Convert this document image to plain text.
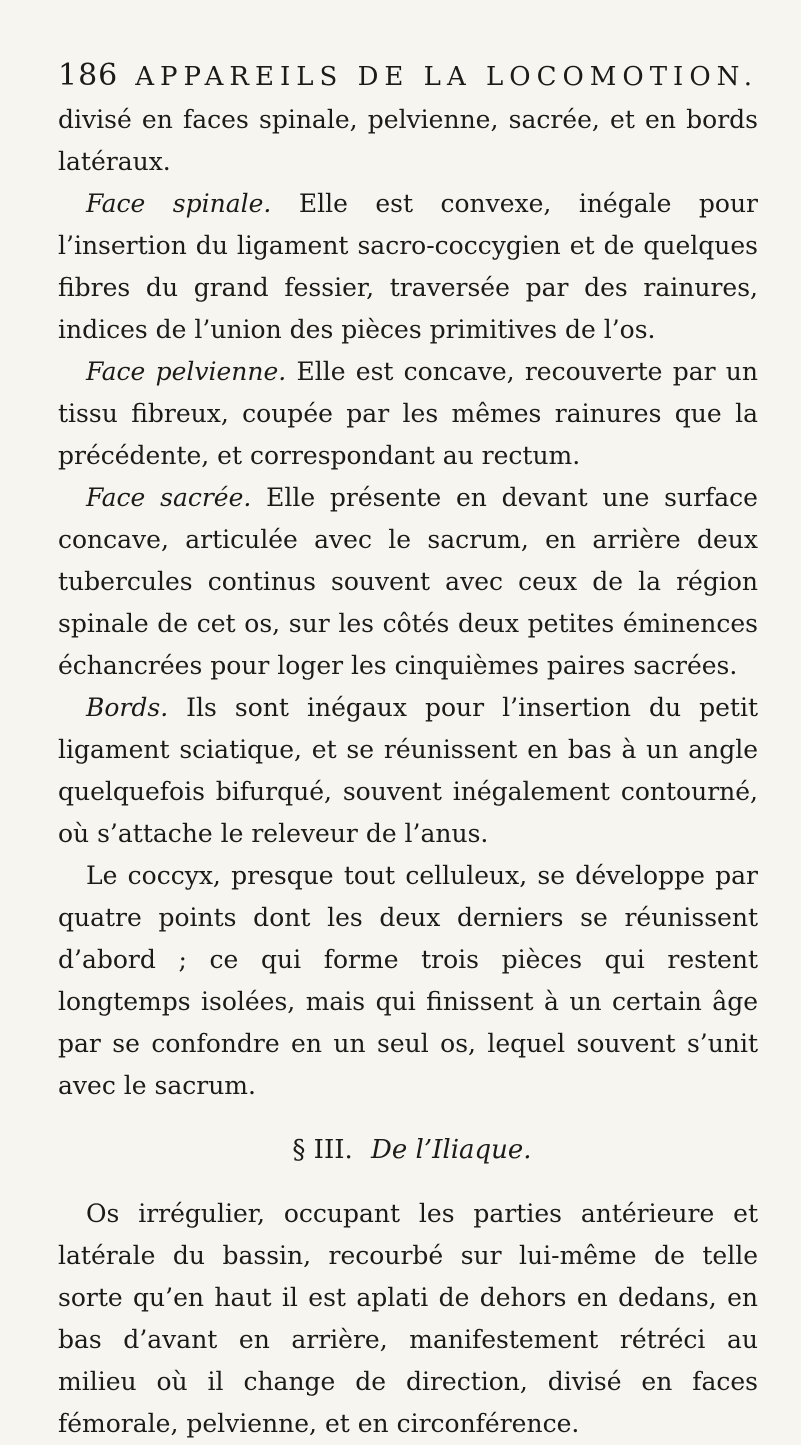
186 APPAREILS DE LA LOCOMOTION.

divisé en faces spinale, pelvienne, sacrée, et en bords latéraux.

Face spinale. Elle est convexe, inégale pour l’insertion du ligament sacro-coccygien et de quelques fibres du grand fessier, traversée par des rainures, indices de l’union des pièces primitives de l’os.

Face pelvienne. Elle est concave, recouverte par un tissu fibreux, coupée par les mêmes rainures que la précédente, et correspondant au rectum.

Face sacrée. Elle présente en devant une surface concave, articulée avec le sacrum, en arrière deux tubercules continus souvent avec ceux de la région spinale de cet os, sur les côtés deux petites éminences échancrées pour loger les cinquièmes paires sacrées.

Bords. Ils sont inégaux pour l’insertion du petit ligament sciatique, et se réunissent en bas à un angle quelquefois bifurqué, souvent inégalement contourné, où s’attache le releveur de l’anus.

Le coccyx, presque tout celluleux, se développe par quatre points dont les deux derniers se réunissent d’abord ; ce qui forme trois pièces qui restent longtemps isolées, mais qui finissent à un certain âge par se confondre en un seul os, lequel souvent s’unit avec le sacrum.

§ III. De l’Iliaque.

Os irrégulier, occupant les parties antérieure et latérale du bassin, recourbé sur lui-même de telle sorte qu’en haut il est aplati de dehors en dedans, en bas d’avant en arrière, manifestement rétréci au milieu où il change de direction, divisé en faces fémorale, pelvienne, et en circonférence.
